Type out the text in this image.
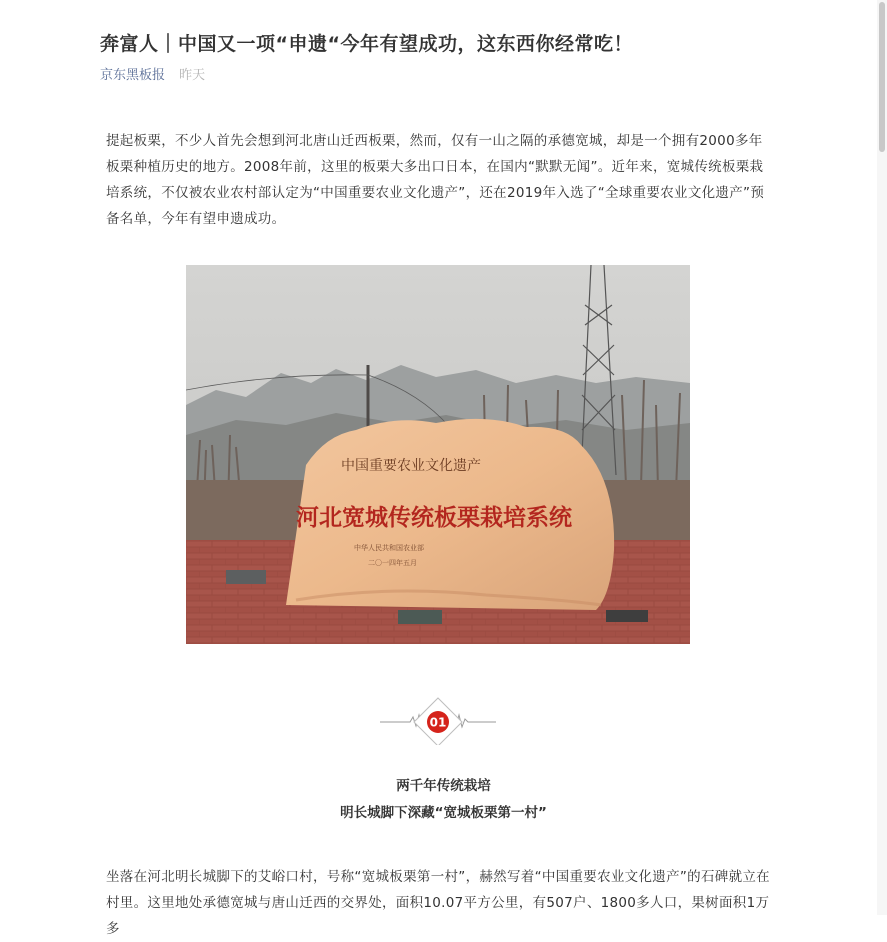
奔富人｜中国又一项“申遗“今年有望成功，这东西你经常吃！
京东黑板报 昨天
提起板栗，不少人首先会想到河北唐山迁西板栗，然而，仅有一山之隔的承德宽城，却是一个拥有2000多年板栗种植历史的地方。2008年前，这里的板栗大多出口日本，在国内“默默无闻”。近年来，宽城传统板栗栽培系统，不仅被农业农村部认定为“中国重要农业文化遗产”，还在2019年入选了“全球重要农业文化遗产”预备名单，今年有望申遗成功。
中国重要农业文化遗产
河北宽城传统板栗栽培系统
中华人民共和国农业部
二〇一四年五月
01
两千年传统栽培
明长城脚下深藏“宽城板栗第一村”
坐落在河北明长城脚下的艾峪口村，号称“宽城板栗第一村”，赫然写着“中国重要农业文化遗产”的石碑就立在村里。这里地处承德宽城与唐山迁西的交界处，面积10.07平方公里，有507户、1800多人口，果树面积1万多
